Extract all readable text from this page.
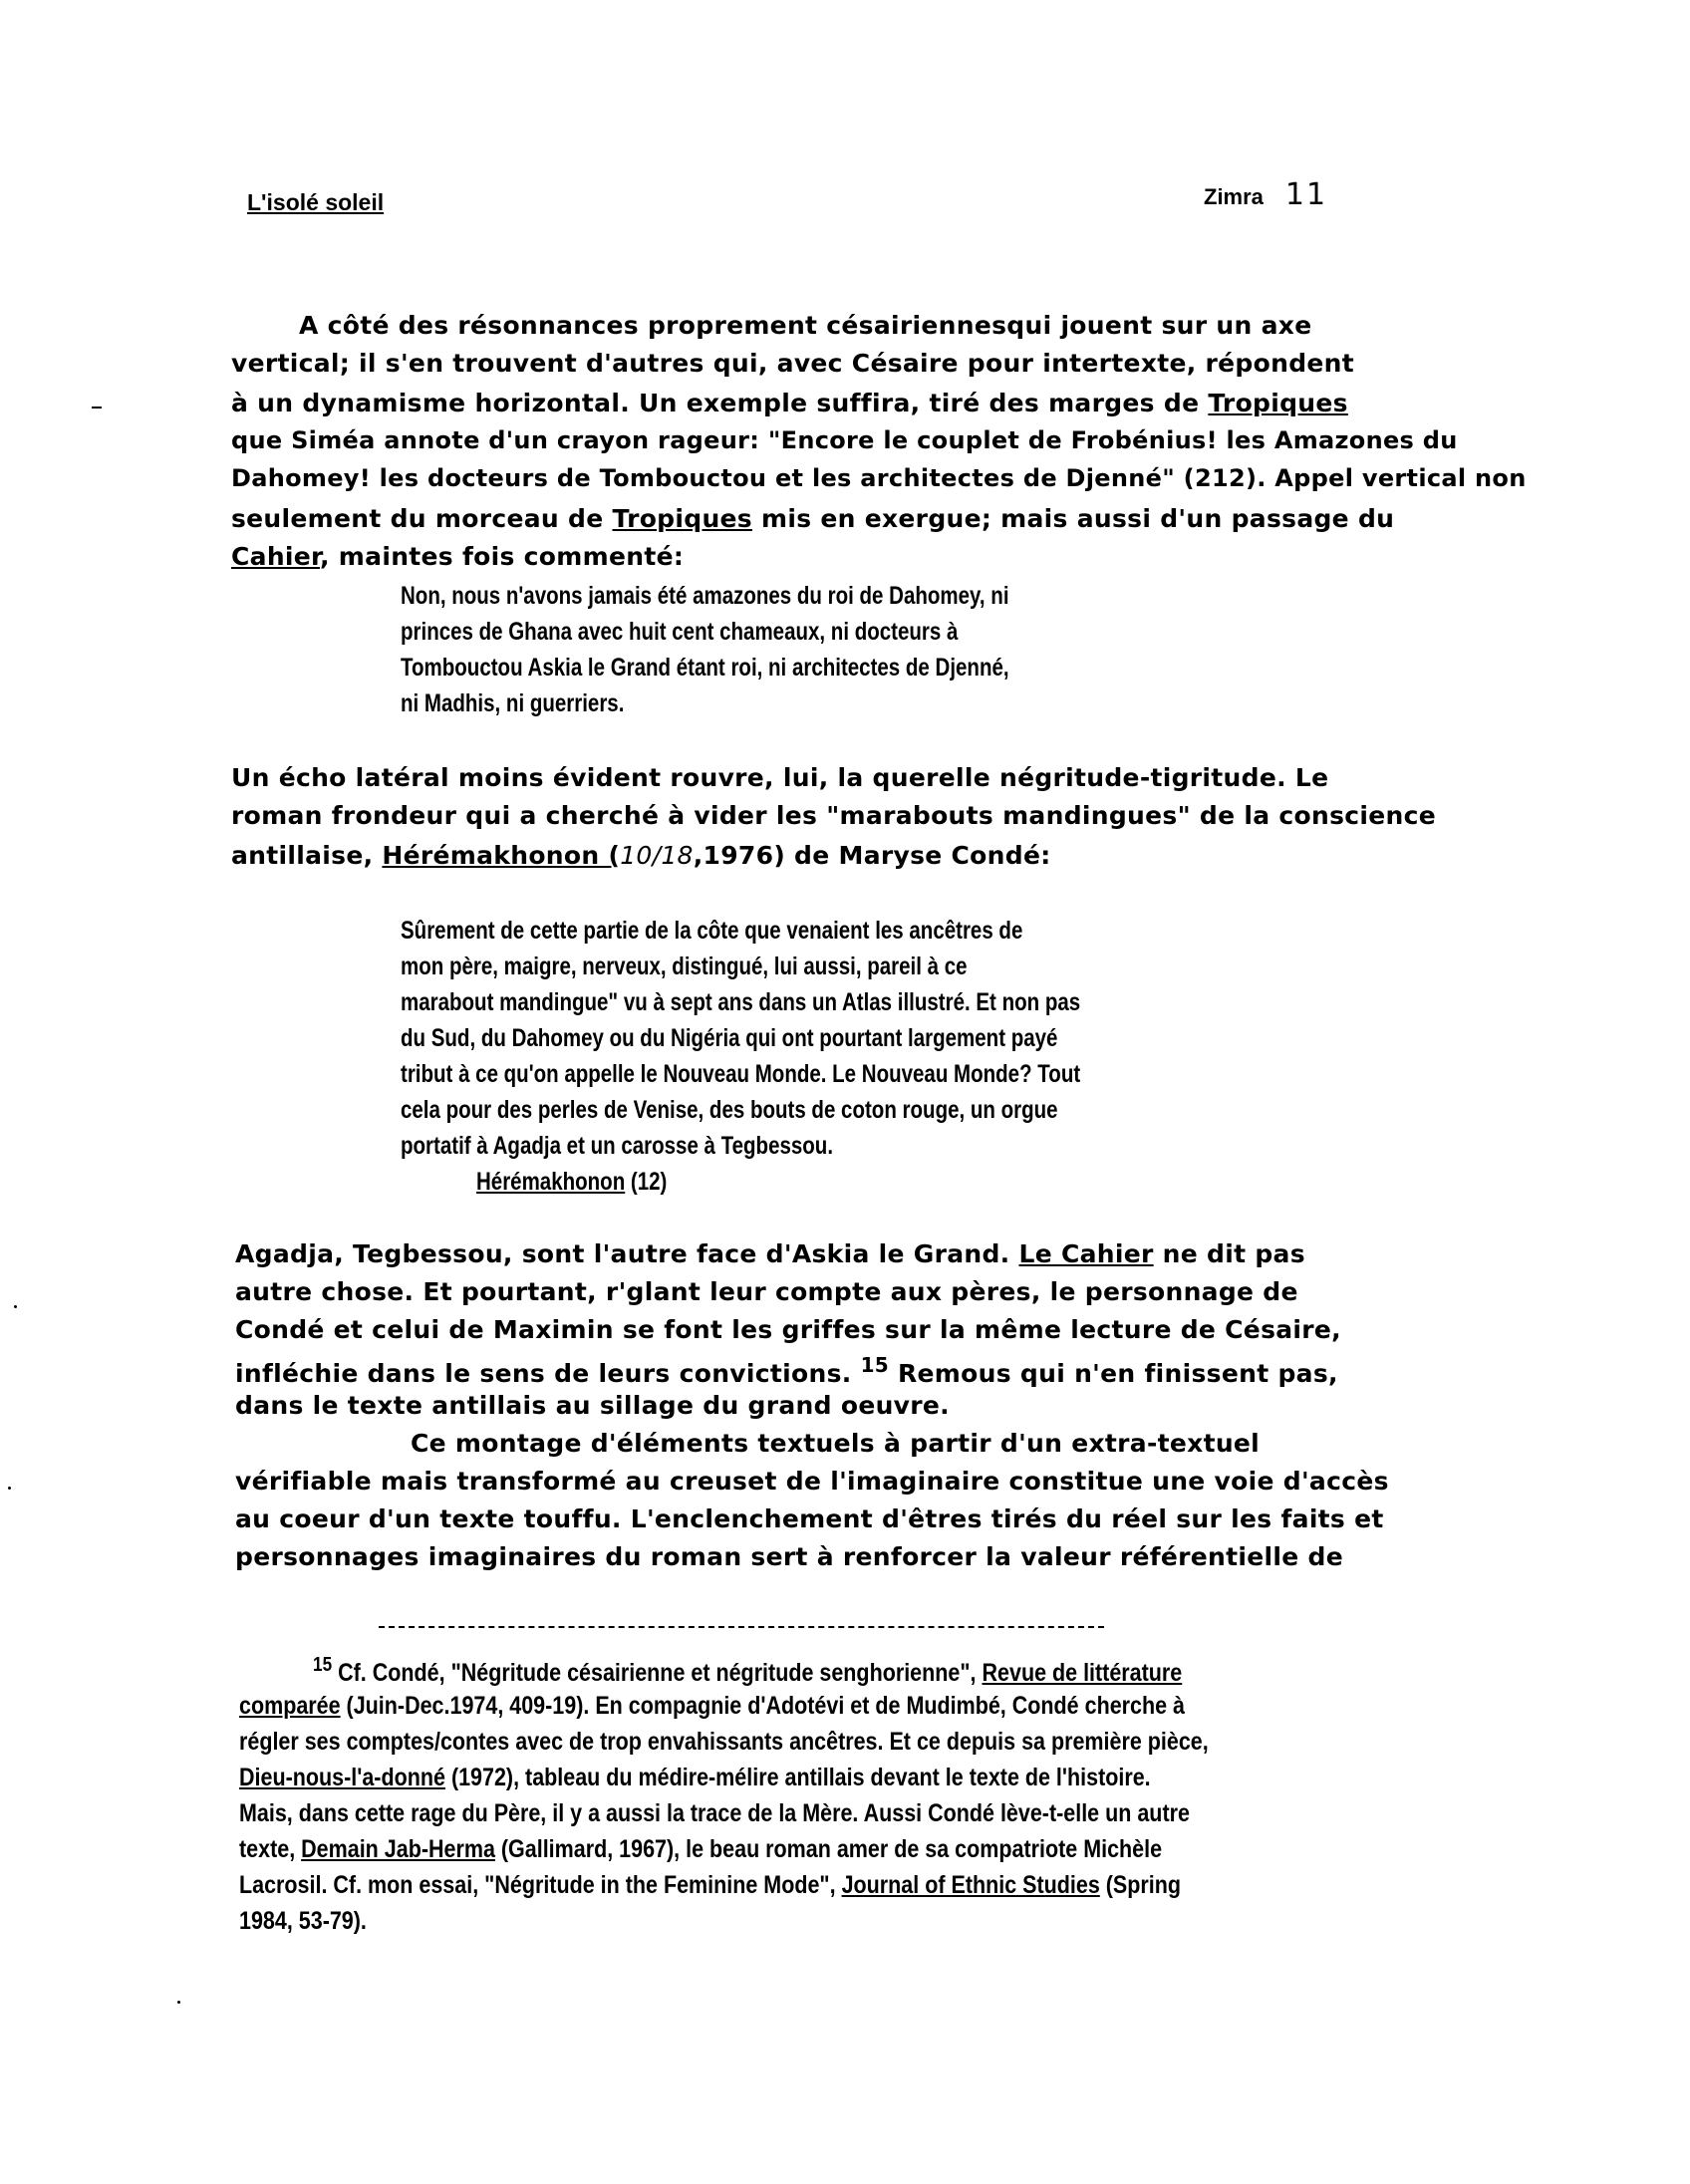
L'isolé soleil	Zimra 11
A côté des résonnances proprement césairiennesqui jouent sur un axe
vertical; il s'en trouvent d'autres qui, avec Césaire pour intertexte, répondent
à un dynamisme horizontal. Un exemple suffira, tiré des marges de Tropiques
que Siméa annote d'un crayon rageur: "Encore le couplet de Frobénius! les Amazones du
Dahomey! les docteurs de Tombouctou et les architectes de Djenné" (212). Appel vertical non
seulement du morceau de Tropiques mis en exergue; mais aussi d'un passage du
Cahier, maintes fois commenté:
Non, nous n'avons jamais été amazones du roi de Dahomey, ni
princes de Ghana avec huit cent chameaux, ni docteurs à
Tombouctou Askia le Grand étant roi, ni architectes de Djenné,
ni Madhis, ni guerriers.
Un écho latéral moins évident rouvre, lui, la querelle négritude-tigritude. Le
roman frondeur qui a cherché à vider les "marabouts mandingues" de la conscience
antillaise, Hérémakhonon (10/18,1976) de Maryse Condé:
Sûrement de cette partie de la côte que venaient les ancêtres de
mon père, maigre, nerveux, distingué, lui aussi, pareil à ce
marabout mandingue" vu à sept ans dans un Atlas illustré. Et non pas
du Sud, du Dahomey ou du Nigéria qui ont pourtant largement payé
tribut à ce qu'on appelle le Nouveau Monde. Le Nouveau Monde? Tout
cela pour des perles de Venise, des bouts de coton rouge, un orgue
portatif à Agadja et un carosse à Tegbessou.
Hérémakhonon (12)
Agadja, Tegbessou, sont l'autre face d'Askia le Grand. Le Cahier ne dit pas
autre chose. Et pourtant, r'glant leur compte aux pères, le personnage de
Condé et celui de Maximin se font les griffes sur la même lecture de Césaire,
infléchie dans le sens de leurs convictions. $^{15}$ Remous qui n'en finissent pas,
dans le texte antillais au sillage du grand oeuvre.
Ce montage d'éléments textuels à partir d'un extra-textuel
vérifiable mais transformé au creuset de l'imaginaire constitue une voie d'accès
au coeur d'un texte touffu. L'enclenchement d'êtres tirés du réel sur les faits et
personnages imaginaires du roman sert à renforcer la valeur référentielle de
$^{15}$ Cf. Condé, "Négritude césairienne et négritude senghorienne", Revue de littérature
comparée (Juin-Dec.1974, 409-19). En compagnie d'Adotévi et de Mudimbé, Condé cherche à
régler ses comptes/contes avec de trop envahissants ancêtres. Et ce depuis sa première pièce,
Dieu-nous-l'a-donné (1972), tableau du médire-mélire antillais devant le texte de l'histoire.
Mais, dans cette rage du Père, il y a aussi la trace de la Mère. Aussi Condé lève-t-elle un autre
texte, Demain Jab-Herma (Gallimard, 1967), le beau roman amer de sa compatriote Michèle
Lacrosil. Cf. mon essai, "Négritude in the Feminine Mode", Journal of Ethnic Studies (Spring
1984, 53-79).
